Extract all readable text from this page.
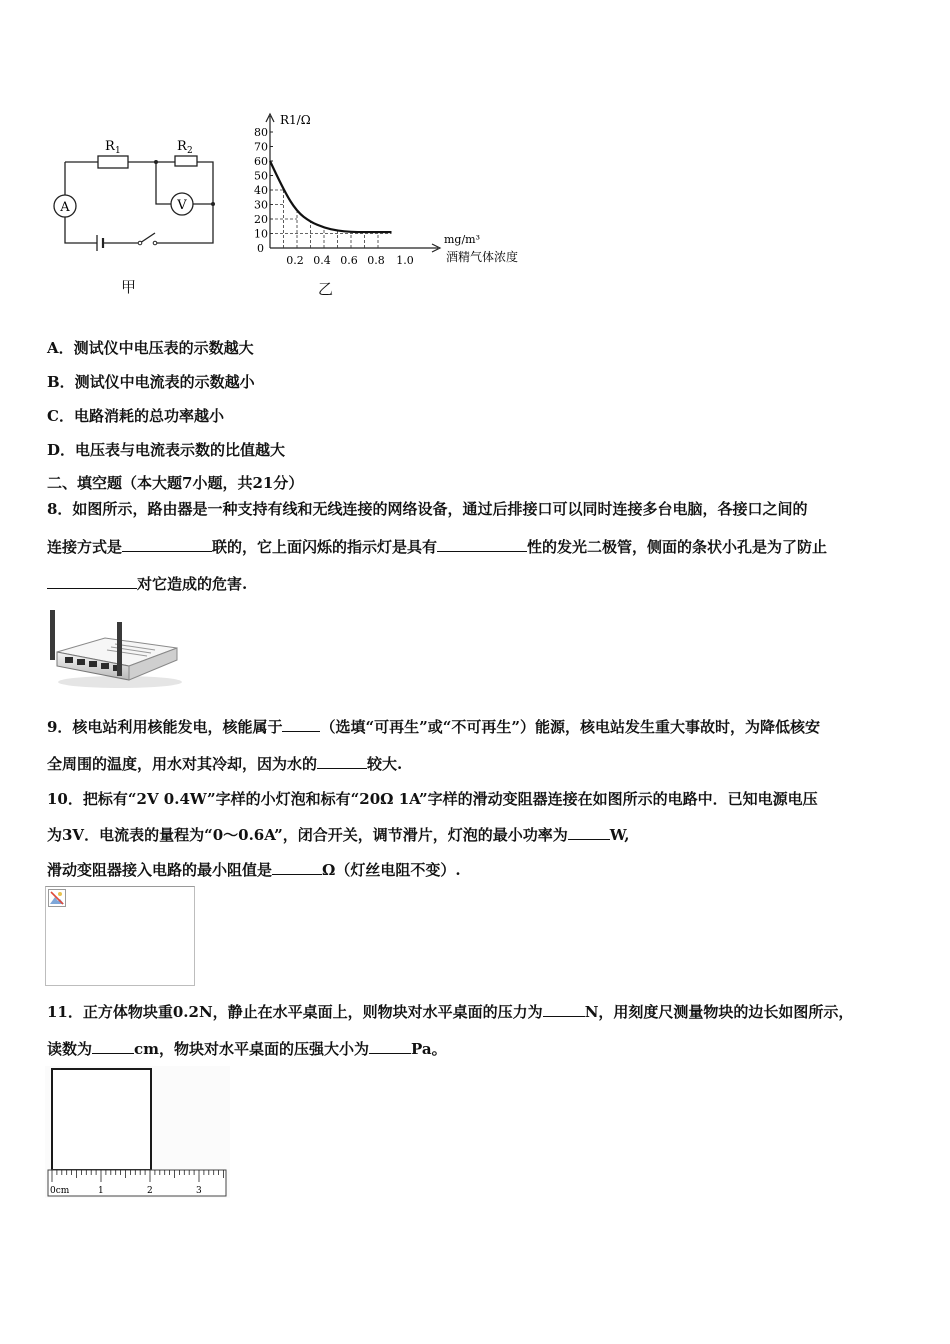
A	V
R 1	R 2
甲
80
70
60
50
40
30
20
10
0
0.2 0.4 0.6 0.8 1.0
R1/Ω
mg/m³
酒精气体浓度
乙
A．测试仪中电压表的示数越大
B．测试仪中电流表的示数越小
C．电路消耗的总功率越小
D．电压表与电流表示数的比值越大
二、填空题（本大题7小题，共21分）
8．如图所示，路由器是一种支持有线和无线连接的网络设备，通过后排接口可以同时连接多台电脑，各接口之间的
连接方式是	联的，它上面闪烁的指示灯是具有	性的发光二极管，侧面的条状小孔是为了防止
对它造成的危害.
9．核电站利用核能发电，核能属于	（选填“可再生”或“不可再生”）能源，核电站发生重大事故时，为降低核安
全周围的温度，用水对其冷却，因为水的	较大.
10．把标有“2V 0.4W”字样的小灯泡和标有“20Ω 1A”字样的滑动变阻器连接在如图所示的电路中．已知电源电压
为3V．电流表的量程为“0～0.6A”，闭合开关，调节滑片，灯泡的最小功率为	W,
滑动变阻器接入电路的最小阻值是	Ω（灯丝电阻不变）.
11．正方体物块重0.2N，静止在水平桌面上，则物块对水平桌面的压力为	N，用刻度尺测量物块的边长如图所示，
读数为	cm，物块对水平桌面的压强大小为	Pa。
0cm	1	2	3
